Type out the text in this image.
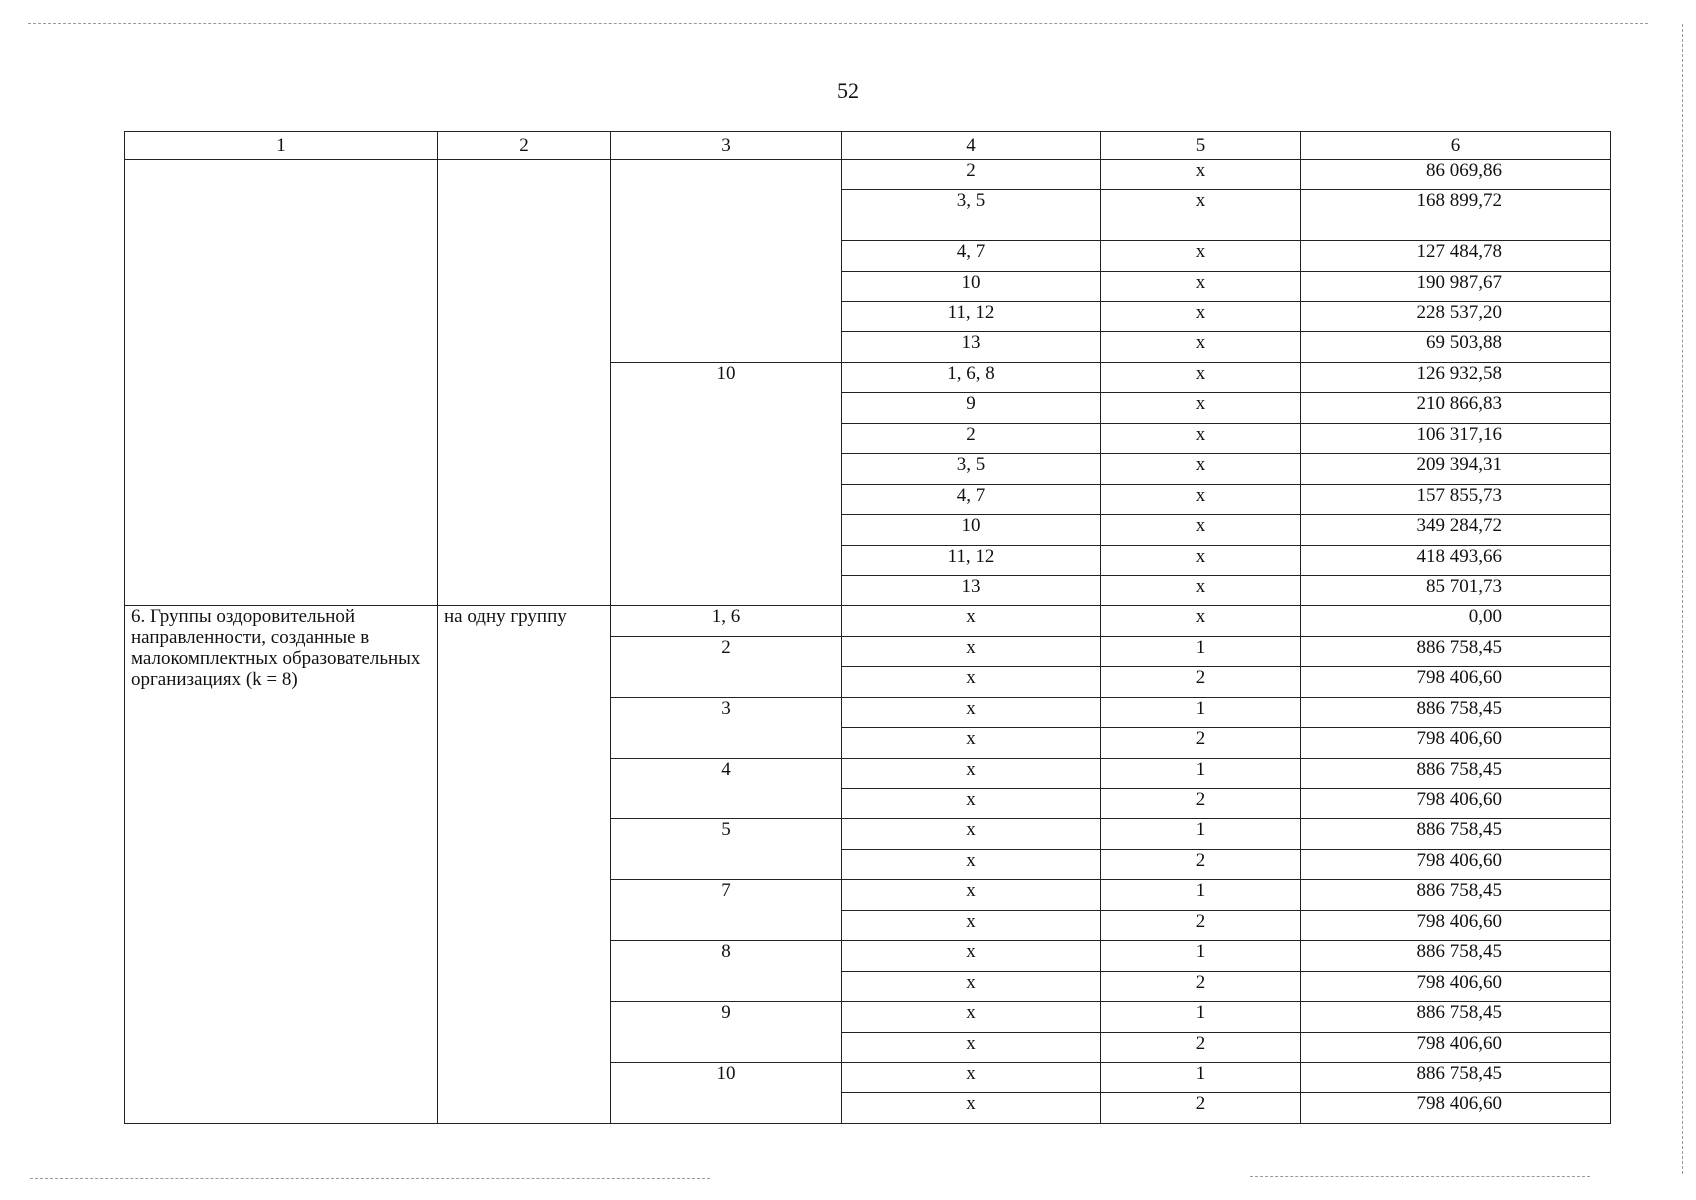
52
1	2	3	4	5	6
			2	x	86 069,86
			3, 5	x	168 899,72
			4, 7	x	127 484,78
			10	x	190 987,67
			11, 12	x	228 537,20
			13	x	69 503,88
		10	1, 6, 8	x	126 932,58
			9	x	210 866,83
			2	x	106 317,16
			3, 5	x	209 394,31
			4, 7	x	157 855,73
			10	x	349 284,72
			11, 12	x	418 493,66
			13	x	85 701,73
6. Группы оздоровительной направленности, созданные в малокомплектных образовательных организациях (k = 8)	на одну группу	1, 6	x	x	0,00
		2	x	1	886 758,45
			x	2	798 406,60
		3	x	1	886 758,45
			x	2	798 406,60
		4	x	1	886 758,45
			x	2	798 406,60
		5	x	1	886 758,45
			x	2	798 406,60
		7	x	1	886 758,45
			x	2	798 406,60
		8	x	1	886 758,45
			x	2	798 406,60
		9	x	1	886 758,45
			x	2	798 406,60
		10	x	1	886 758,45
			x	2	798 406,60
